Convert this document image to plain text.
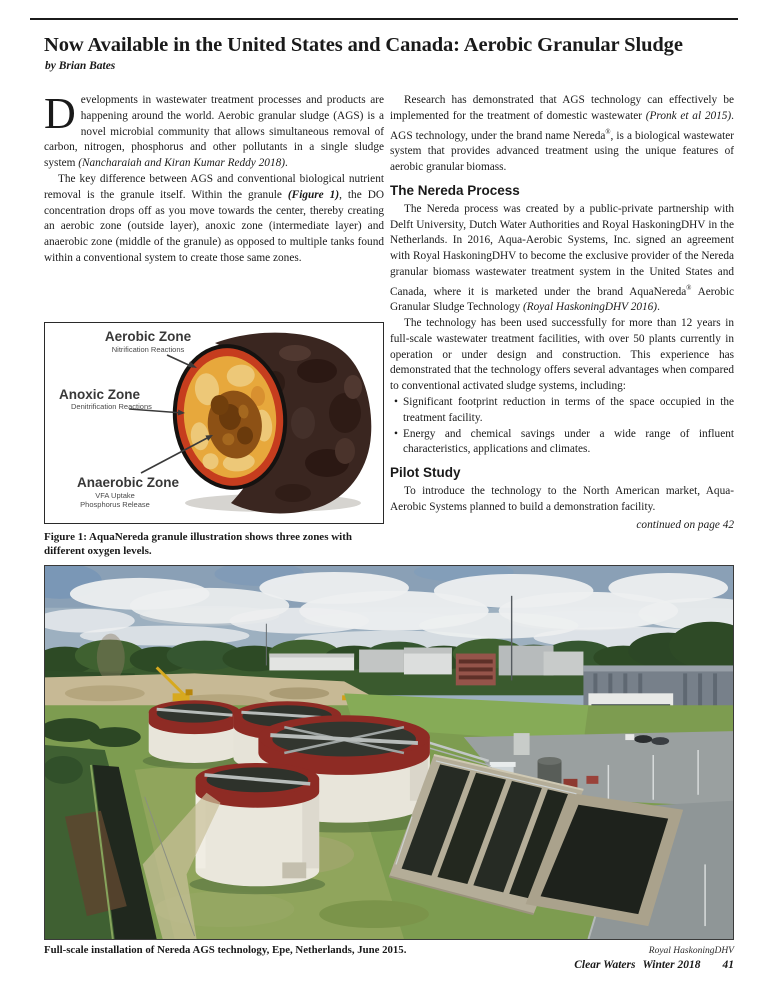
Now Available in the United States and Canada: Aerobic Granular Sludge
by Brian Bates

Developments in wastewater treatment processes and products are happening around the world. Aerobic granular sludge (AGS) is a novel microbial community that allows simultaneous removal of carbon, nitrogen, phosphorus and other pollutants in a single sludge system (Nancharaiah and Kiran Kumar Reddy 2018).

The key difference between AGS and conventional biological nutrient removal is the granule itself. Within the granule (Figure 1), the DO concentration drops off as you move towards the center, thereby creating an aerobic zone (outside layer), anoxic zone (intermediate layer) and anaerobic zone (middle of the granule) as opposed to multiple tanks found within a conventional system to create those same zones.

Aerobic Zone
Nitrification Reactions
Anoxic Zone
Denitrification Reactions
Anaerobic Zone
VFA Uptake
Phosphorus Release
Figure 1: AquaNereda granule illustration shows three zones with different oxygen levels.

Research has demonstrated that AGS technology can effectively be implemented for the treatment of domestic wastewater (Pronk et al 2015). AGS technology, under the brand name Nereda®, is a biological wastewater system that provides advanced treatment using the unique features of aerobic granular biomass.

The Nereda Process

The Nereda process was created by a public-private partnership with Delft University, Dutch Water Authorities and Royal HaskoningDHV in the Netherlands. In 2016, Aqua-Aerobic Systems, Inc. signed an agreement with Royal HaskoningDHV to become the exclusive provider of the Nereda granular biomass wastewater treatment system in the United States and Canada, where it is marketed under the brand AquaNereda® Aerobic Granular Sludge Technology (Royal HaskoningDHV 2016).

The technology has been used successfully for more than 12 years in full-scale wastewater treatment facilities, with over 50 plants currently in operation or under design and construction. This experience has demonstrated that the technology offers several advantages when compared to conventional activated sludge systems, including:

• Significant footprint reduction in terms of the space occupied in the treatment facility.
• Energy and chemical savings under a wide range of influent characteristics, applications and climates.
Pilot Study

To introduce the technology to the North American market, Aqua-Aerobic Systems planned to build a demonstration facility.

continued on page 42
Full-scale installation of Nereda AGS technology, Epe, Netherlands, June 2015.	Royal HaskoningDHV
Clear Waters Winter 2018 41
